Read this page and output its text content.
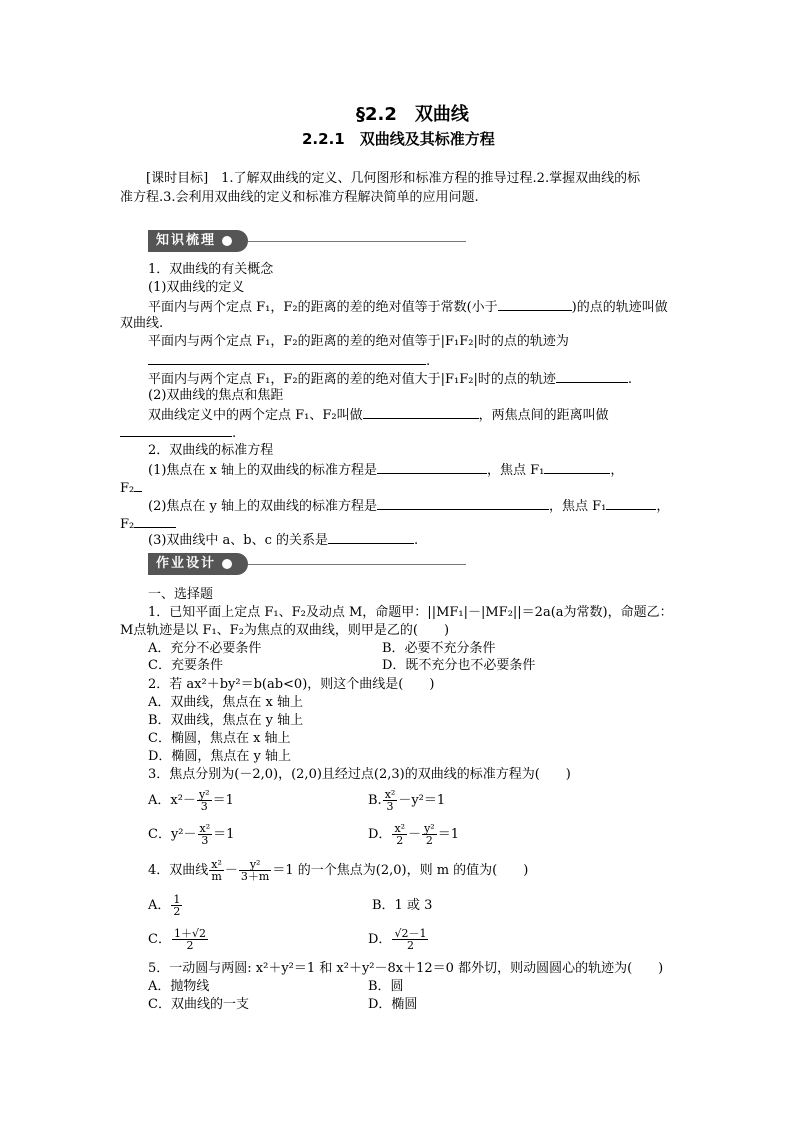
§2.2　双曲线
2.2.1　双曲线及其标准方程
[课时目标]　1.了解双曲线的定义、几何图形和标准方程的推导过程.2.掌握双曲线的标
准方程.3.会利用双曲线的定义和标准方程解决简单的应用问题.
知识梳理
1．双曲线的有关概念
(1)双曲线的定义
平面内与两个定点 F₁，F₂的距离的差的绝对值等于常数(小于	)的点的轨迹叫做
双曲线.
平面内与两个定点 F₁，F₂的距离的差的绝对值等于|F₁F₂|时的点的轨迹为
.
平面内与两个定点 F₁，F₂的距离的差的绝对值大于|F₁F₂|时的点的轨迹	.
(2)双曲线的焦点和焦距
双曲线定义中的两个定点 F₁、F₂叫做	，两焦点间的距离叫做
.
2．双曲线的标准方程
(1)焦点在 x 轴上的双曲线的标准方程是	，焦点 F₁	，
F₂
(2)焦点在 y 轴上的双曲线的标准方程是	，焦点 F₁	，
F₂
(3)双曲线中 a、b、c 的关系是	.
作业设计
一、选择题
1．已知平面上定点 F₁、F₂及动点 M，命题甲：||MF₁|－|MF₂||＝2a(a为常数)，命题乙：
M点轨迹是以 F₁、F₂为焦点的双曲线，则甲是乙的(　　)
A．充分不必要条件	B．必要不充分条件
C．充要条件	D．既不充分也不必要条件
2．若 ax²＋by²＝b(ab<0)，则这个曲线是(　　)
A．双曲线，焦点在 x 轴上
B．双曲线，焦点在 y 轴上
C．椭圆，焦点在 x 轴上
D．椭圆，焦点在 y 轴上
3．焦点分别为(－2,0)，(2,0)且经过点(2,3)的双曲线的标准方程为(　　)
A．$x^2- \frac{\text{y²}}{3} =1$	B. $\frac{\text{x²}}{3} -y^2=1$
C．$y^2- \frac{\text{x²}}{3} =1$	D． $\frac{\text{x²}}{2} - \frac{\text{y²}}{2} =1$
4．双曲线 $\frac{\text{x²}}{m} - \frac{\text{y²}}{3+m} =1$ 的一个焦点为(2,0)，则 m 的值为(　　)
A． $\frac{1}{2}$	B．1 或 3
C． $\frac{1+√2}{2}$	D． $\frac{√2-1}{2}$
5．一动圆与两圆: x²＋y²＝1 和 x²＋y²－8x＋12＝0 都外切，则动圆圆心的轨迹为(　　)
A．抛物线	B．圆
C．双曲线的一支	D．椭圆
